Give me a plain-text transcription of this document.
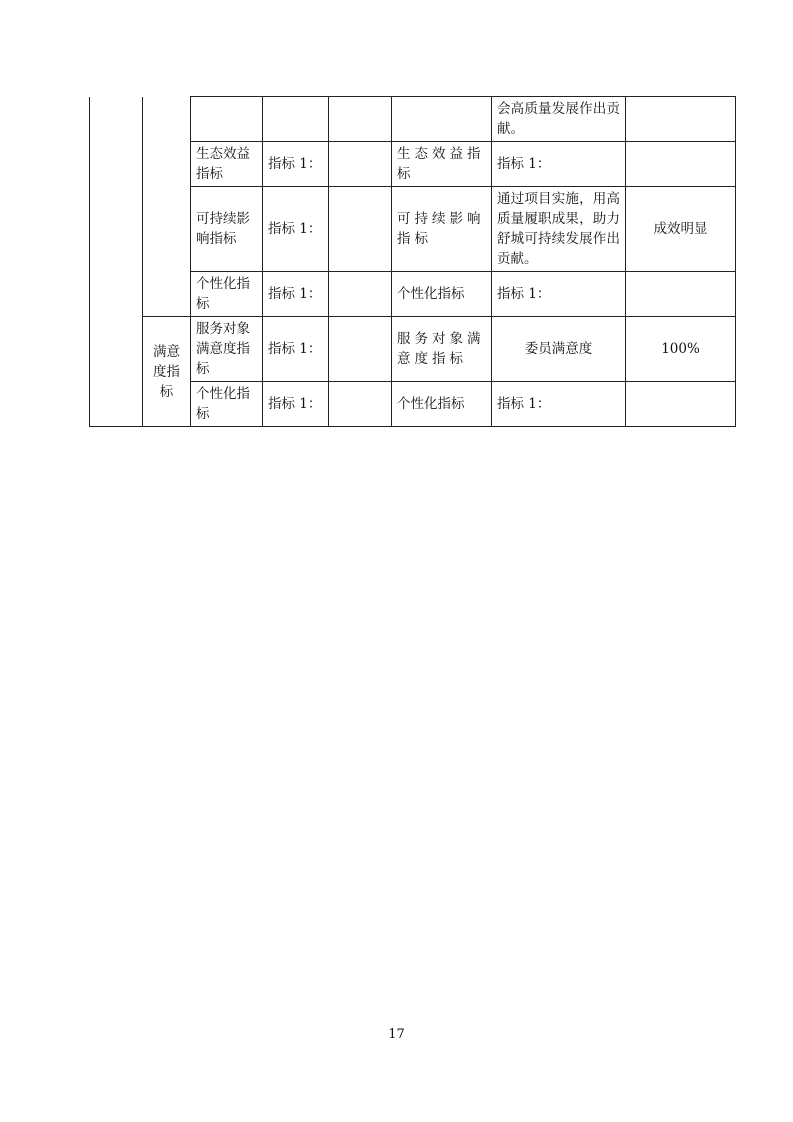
						会高质量发展作出贡献。	
		生态效益指标	指标 1：		生态效益指标	指标 1：	
		可持续影响指标	指标 1：		可持续影响指标	通过项目实施，用高质量履职成果，助力舒城可持续发展作出贡献。	成效明显
		个性化指标	指标 1：		个性化指标	指标 1：	
	满意度指标	服务对象满意度指标	指标 1：		服务对象满意度指标	委员满意度	100%
		个性化指标	指标 1：		个性化指标	指标 1：	
17
